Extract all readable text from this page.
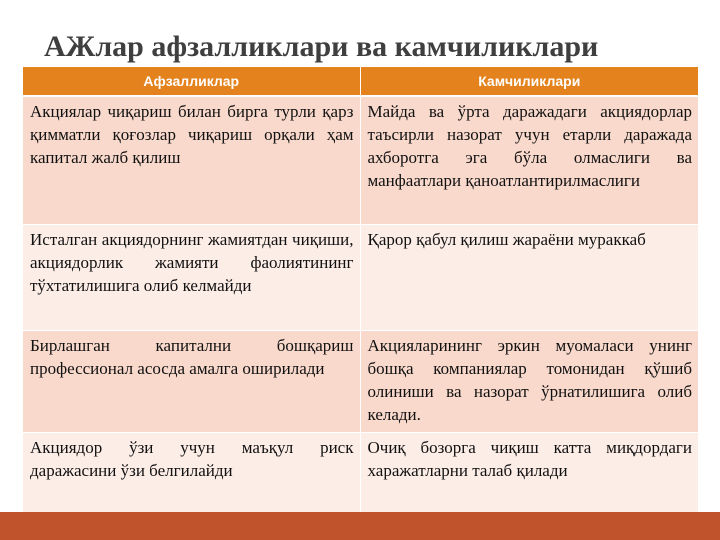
АЖлар афзалликлари ва камчиликлари
Афзалликлар	Камчиликлари
Акциялар чиқариш билан бирга турли қарз қимматли қоғозлар чиқариш орқали ҳам капитал жалб қилиш	Майда ва ўрта даражадаги акциядорлар таъсирли назорат учун етарли даражада ахборотга эга бўла олмаслиги ва манфаатлари қаноатлантирилмаслиги
Исталган акциядорнинг жамиятдан чиқиши, акциядорлик жамияти фаолиятининг тўхтатилишига олиб келмайди	Қарор қабул қилиш жараёни мураккаб
Бирлашган капитални бошқариш профессионал асосда амалга оширилади	Акцияларининг эркин муомаласи унинг бошқа компаниялар томонидан қўшиб олиниши ва назорат ўрнатилишига олиб келади.
Акциядор ўзи учун маъқул риск даражасини ўзи белгилайди	Очиқ бозорга чиқиш катта миқдордаги харажатларни талаб қилади
